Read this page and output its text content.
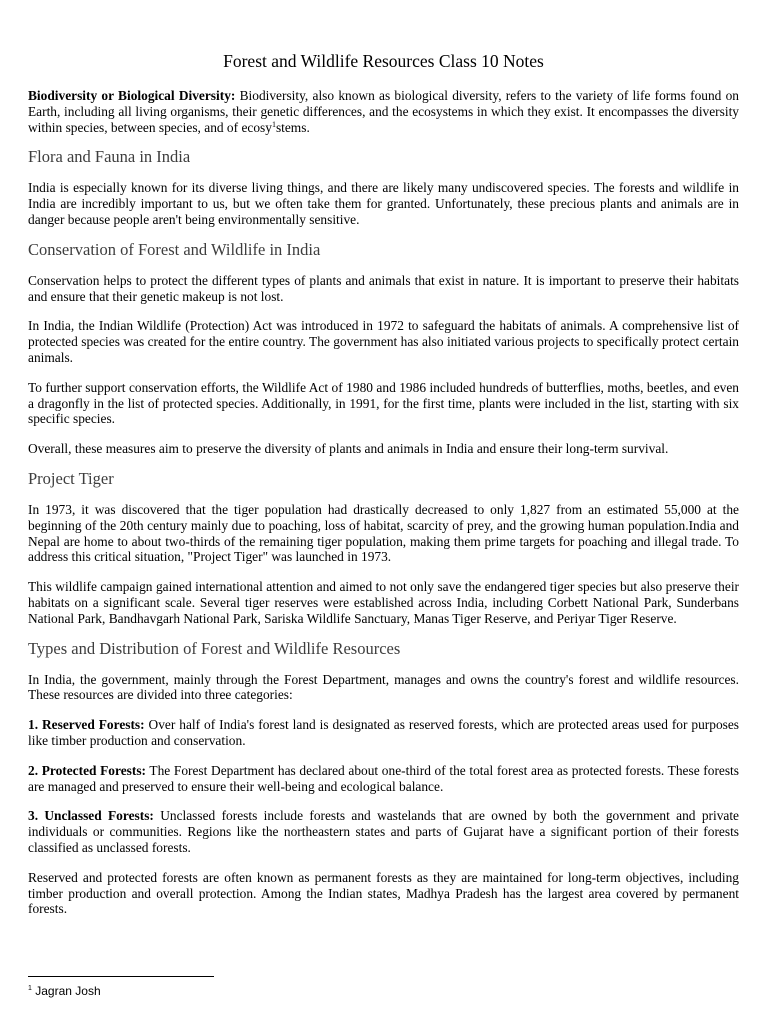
Forest and Wildlife Resources Class 10 Notes

Biodiversity or Biological Diversity: Biodiversity, also known as biological diversity, refers to the variety of life forms found on Earth, including all living organisms, their genetic differences, and the ecosystems in which they exist. It encompasses the diversity within species, between species, and of ecosy$^1$stems.

Flora and Fauna in India

India is especially known for its diverse living things, and there are likely many undiscovered species. The forests and wildlife in India are incredibly important to us, but we often take them for granted. Unfortunately, these precious plants and animals are in danger because people aren't being environmentally sensitive.

Conservation of Forest and Wildlife in India

Conservation helps to protect the different types of plants and animals that exist in nature. It is important to preserve their habitats and ensure that their genetic makeup is not lost.

In India, the Indian Wildlife (Protection) Act was introduced in 1972 to safeguard the habitats of animals. A comprehensive list of protected species was created for the entire country. The government has also initiated various projects to specifically protect certain animals.

To further support conservation efforts, the Wildlife Act of 1980 and 1986 included hundreds of butterflies, moths, beetles, and even a dragonfly in the list of protected species. Additionally, in 1991, for the first time, plants were included in the list, starting with six specific species.

Overall, these measures aim to preserve the diversity of plants and animals in India and ensure their long-term survival.

Project Tiger

In 1973, it was discovered that the tiger population had drastically decreased to only 1,827 from an estimated 55,000 at the beginning of the 20th century mainly due to poaching, loss of habitat, scarcity of prey, and the growing human population.India and Nepal are home to about two-thirds of the remaining tiger population, making them prime targets for poaching and illegal trade. To address this critical situation, "Project Tiger" was launched in 1973.

This wildlife campaign gained international attention and aimed to not only save the endangered tiger species but also preserve their habitats on a significant scale. Several tiger reserves were established across India, including Corbett National Park, Sunderbans National Park, Bandhavgarh National Park, Sariska Wildlife Sanctuary, Manas Tiger Reserve, and Periyar Tiger Reserve.

Types and Distribution of Forest and Wildlife Resources

In India, the government, mainly through the Forest Department, manages and owns the country's forest and wildlife resources. These resources are divided into three categories:

1. Reserved Forests: Over half of India's forest land is designated as reserved forests, which are protected areas used for purposes like timber production and conservation.

2. Protected Forests: The Forest Department has declared about one-third of the total forest area as protected forests. These forests are managed and preserved to ensure their well-being and ecological balance.

3. Unclassed Forests: Unclassed forests include forests and wastelands that are owned by both the government and private individuals or communities. Regions like the northeastern states and parts of Gujarat have a significant portion of their forests classified as unclassed forests.

Reserved and protected forests are often known as permanent forests as they are maintained for long-term objectives, including timber production and overall protection. Among the Indian states, Madhya Pradesh has the largest area covered by permanent forests.

$^1$ Jagran Josh
